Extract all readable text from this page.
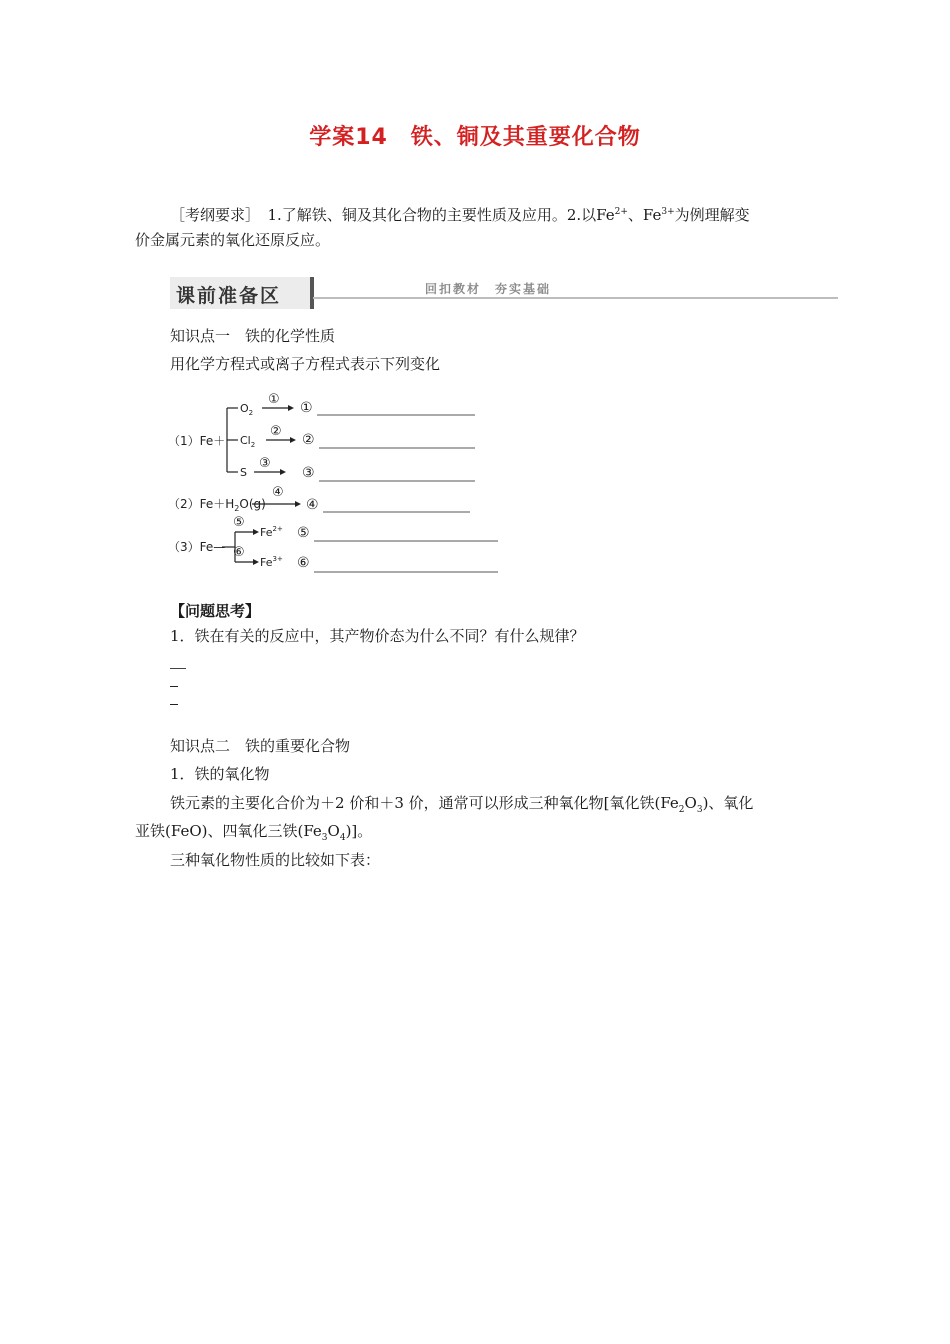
学案14　铁、铜及其重要化合物
［考纲要求］　1.了解铁、铜及其化合物的主要性质及应用。2.以$Fe^{2+}$、$Fe^{3+}$为例理解变
价金属元素的氧化还原反应。
课前准备区	回扣教材　夯实基础
知识点一　铁的化学性质
用化学方程式或离子方程式表示下列变化
（1）Fe＋
$O_2$
$Cl_2$
S
①
②
③
④
⑤
⑥
$(2)Fe+H_2O(g)$
（3）Fe—
$Fe^{2+}$
$Fe^{3+}$
①
②
③
④
⑤
⑥
【问题思考】
1．铁在有关的反应中，其产物价态为什么不同？有什么规律？
知识点二　铁的重要化合物
1．铁的氧化物
铁元素的主要化合价为＋2 价和＋3 价，通常可以形成三种氧化物[氧化铁$(Fe_2O_3)$、氧化
亚铁(FeO)、四氧化三铁$(Fe_3O_4)$]。
三种氧化物性质的比较如下表：
